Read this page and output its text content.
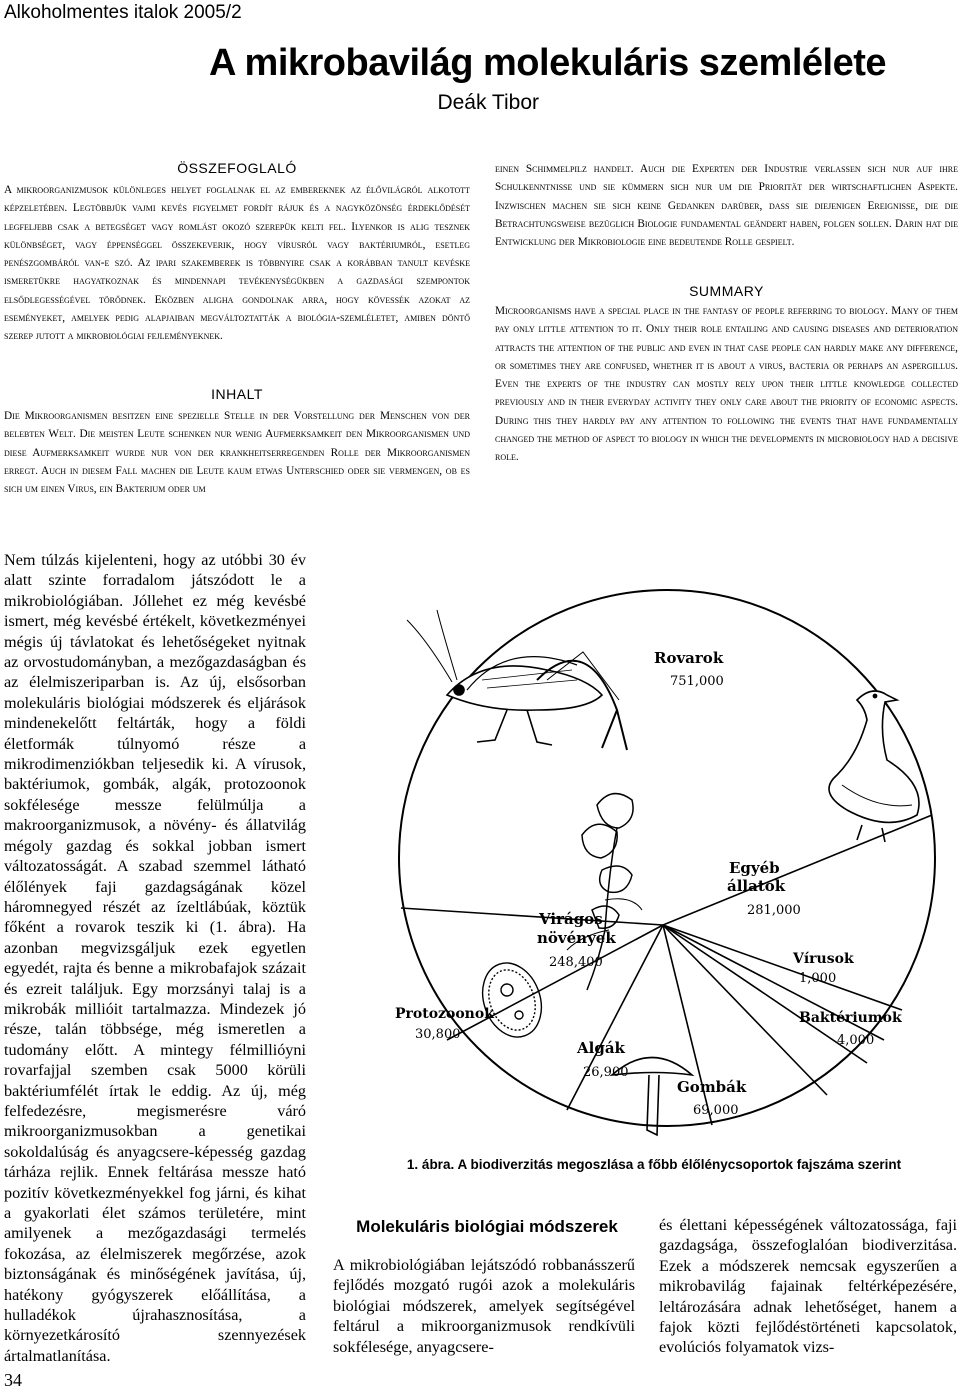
Alkoholmentes italok 2005/2
A mikrobavilág molekuláris szemlélete
Deák Tibor
ÖSSZEFOGLALÓ
A mikroorganizmusok különleges helyet foglalnak el az embereknek az élővilágról alkotott képzeletében. Legtöbbjük vajmi kevés figyelmet fordít rájuk és a nagyközönség érdeklődését legfeljebb csak a betegséget vagy romlást okozó szerepük kelti fel. Ilyenkor is alig tesznek különbséget, vagy éppenséggel összekeverik, hogy vírusról vagy baktériumról, esetleg penészgombáról van-e szó. Az ipari szakemberek is többnyire csak a korábban tanult kevéske ismeretükre hagyatkoznak és mindennapi tevékenységükben a gazdasági szempontok elsődlegességével törődnek. Eközben aligha gondolnak arra, hogy kövessék azokat az eseményeket, amelyek pedig alapjaiban megváltoztatták a biológia-szemléletet, amiben döntő szerep jutott a mikrobiológiai fejleményeknek.
INHALT
Die Mikroorganismen besitzen eine spezielle Stelle in der Vorstellung der Menschen von der belebten Welt. Die meisten Leute schenken nur wenig Aufmerksamkeit den Mikroorganismen und diese Aufmerksamkeit wurde nur von der krankheitserregenden Rolle der Mikroorganismen erregt. Auch in diesem Fall machen die Leute kaum etwas Unterschied oder sie vermengen, ob es sich um einen Virus, ein Bakterium oder um
einen Schimmelpilz handelt. Auch die Experten der Industrie verlassen sich nur auf ihre Schulkenntnisse und sie kümmern sich nur um die Priorität der wirtschaftlichen Aspekte. Inzwischen machen sie sich keine Gedanken darüber, dass sie diejenigen Ereignisse, die die Betrachtungsweise bezüglich Biologie fundamental geändert haben, folgen sollen. Darin hat die Entwicklung der Mikrobiologie eine bedeutende Rolle gespielt.
SUMMARY
Microorganisms have a special place in the fantasy of people referring to biology. Many of them pay only little attention to it. Only their role entailing and causing diseases and deterioration attracts the attention of the public and even in that case people can hardly make any difference, or sometimes they are confused, whether it is about a virus, bacteria or perhaps an aspergillus. Even the experts of the industry can mostly rely upon their little knowledge collected previously and in their everyday activity they only care about the priority of economic aspects. During this they hardly pay any attention to following the events that have fundamentally changed the method of aspect to biology in which the developments in microbiology had a decisive role.
Nem túlzás kijelenteni, hogy az utóbbi 30 év alatt szinte forradalom játszódott le a mikrobiológiában. Jóllehet ez még kevésbé ismert, még kevésbé értékelt, következményei mégis új távlatokat és lehetőségeket nyitnak az orvostudományban, a mezőgazdaságban és az élelmiszeriparban is. Az új, elsősorban molekuláris biológiai módszerek és eljárások mindenekelőtt feltárták, hogy a földi életformák túlnyomó része a mikrodimenziókban teljesedik ki. A vírusok, baktériumok, gombák, algák, protozoonok sokfélesége messze felülmúlja a makroorganizmusok, a növény- és állatvilág mégoly gazdag és sokkal jobban ismert változatosságát. A szabad szemmel látható élőlények faji gazdagságának közel háromnegyed részét az ízeltlábúak, köztük főként a rovarok teszik ki (1. ábra). Ha azonban megvizsgáljuk ezek egyetlen egyedét, rajta és benne a mikrobafajok százait és ezreit találjuk. Egy morzsányi talaj is a mikrobák millióit tartalmazza. Mindezek jó része, talán többsége, még ismeretlen a tudomány előtt. A mintegy félmillióyni rovarfajjal szemben csak 5000 körüli baktériumfélét írtak le eddig. Az új, még felfedezésre, megismerésre váró mikroorganizmusokban a genetikai sokoldalúság és anyagcsere-képesség gazdag tárháza rejlik. Ennek feltárása messze ható pozitív következményekkel fog járni, és kihat a gyakorlati élet számos területére, mint amilyenek a mezőgazdasági termelés fokozása, az élelmiszerek megőrzése, azok biztonságának és minőségének javítása, új, hatékony gyógyszerek előállítása, a hulladékok újrahasznosítása, a környezetkárosító szennyezések ártalmatlanítása.
Molekuláris biológiai módszerek
A mikrobiológiában lejátszódó robbanásszerű fejlődés mozgató rugói azok a molekuláris biológiai módszerek, amelyek segítségével feltárul a mikroorganizmusok rendkívüli sokfélesége, anyagcsere-
és élettani képességének változatossága, faji gazdagsága, összefoglalóan biodiverzitása. Ezek a módszerek nemcsak egyszerűen a mikrobavilág fajainak feltérképezésére, leltározására adnak lehetőséget, hanem a fajok közti fejlődéstörténeti kapcsolatok, evolúciós folyamatok vizs-
Rovarok
751,000
Egyéb
állatok
281,000
Vírusok
1,000
Baktériumok
4,000
Gombák
69,000
Algák
26,900
Protozoonok
30,800
Virágos
növények
248,400
1. ábra. A biodiverzitás megoszlása a főbb élőlénycsoportok fajszáma szerint
34
